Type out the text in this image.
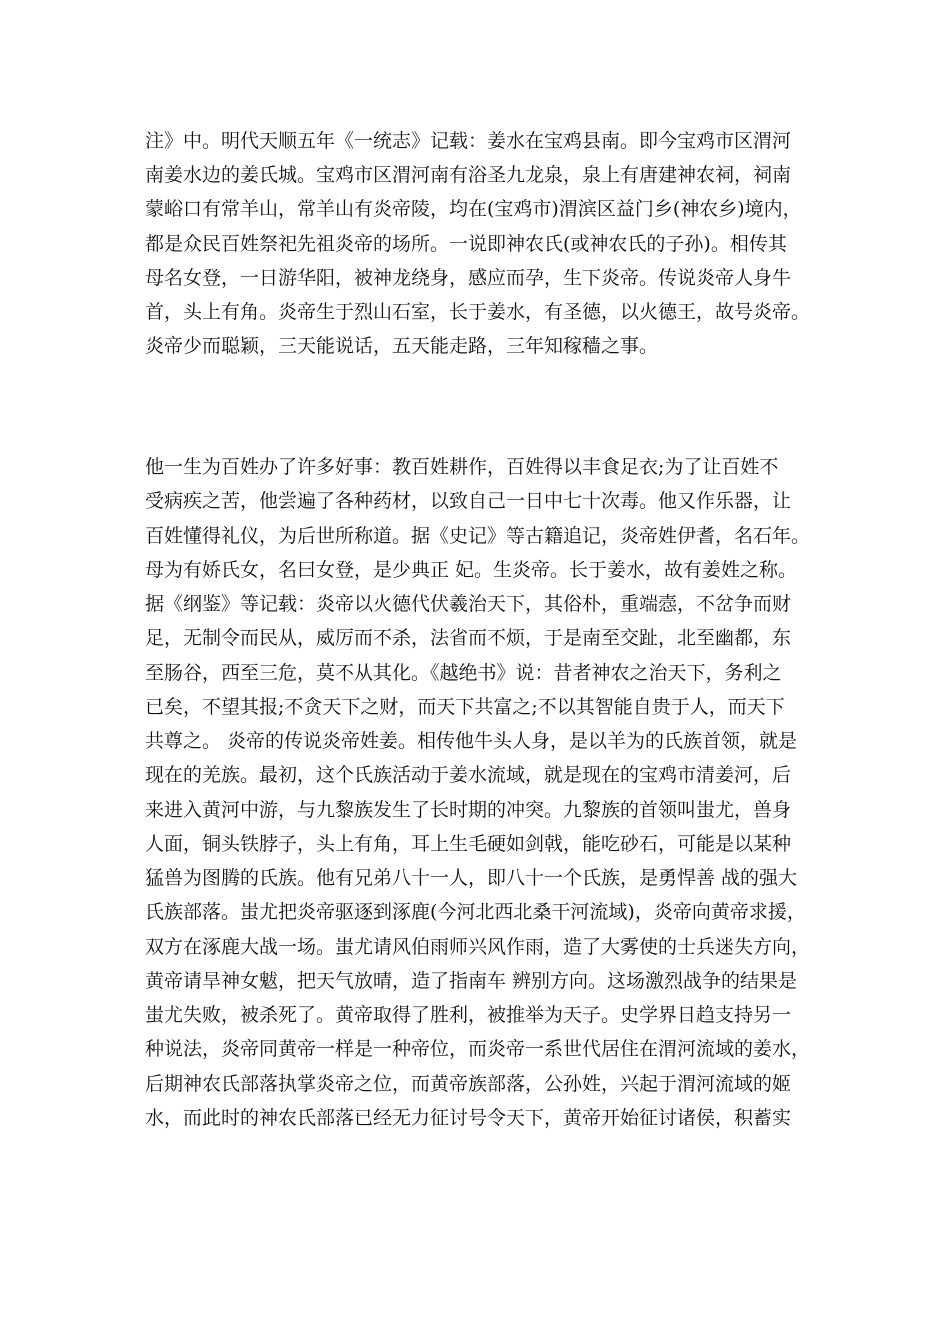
注》中。明代天顺五年《一统志》记载：姜水在宝鸡县南。即今宝鸡市区渭河
南姜水边的姜氏城。宝鸡市区渭河南有浴圣九龙泉，泉上有唐建神农祠，祠南
蒙峪口有常羊山，常羊山有炎帝陵，均在(宝鸡市)渭滨区益门乡(神农乡)境内，
都是众民百姓祭祀先祖炎帝的场所。一说即神农氏(或神农氏的子孙)。相传其
母名女登，一日游华阳，被神龙绕身，感应而孕，生下炎帝。传说炎帝人身牛
首，头上有角。炎帝生于烈山石室，长于姜水，有圣德，以火德王，故号炎帝。
炎帝少而聪颖，三天能说话，五天能走路，三年知稼穑之事。
他一生为百姓办了许多好事：教百姓耕作，百姓得以丰食足衣;为了让百姓不
受病疾之苦，他尝遍了各种药材，以致自己一日中七十次毒。他又作乐器，让
百姓懂得礼仪，为后世所称道。据《史记》等古籍追记，炎帝姓伊耆，名石年。
母为有娇氏女，名曰女登，是少典正 妃。生炎帝。长于姜水，故有姜姓之称。
据《纲鉴》等记载：炎帝以火德代伏羲治天下，其俗朴，重端悫，不岔争而财
足，无制令而民从，威厉而不杀，法省而不烦，于是南至交趾，北至幽都，东
至肠谷，西至三危，莫不从其化。《越绝书》说：昔者神农之治天下，务利之
已矣，不望其报;不贪天下之财，而天下共富之;不以其智能自贵于人，而天下
共尊之。 炎帝的传说炎帝姓姜。相传他牛头人身，是以羊为的氏族首领，就是
现在的羌族。最初，这个氏族活动于姜水流域，就是现在的宝鸡市清姜河，后
来进入黄河中游，与九黎族发生了长时期的冲突。九黎族的首领叫蚩尤，兽身
人面，铜头铁脖子，头上有角，耳上生毛硬如剑戟，能吃砂石，可能是以某种
猛兽为图腾的氏族。他有兄弟八十一人，即八十一个氏族，是勇悍善 战的强大
氏族部落。蚩尤把炎帝驱逐到涿鹿(今河北西北桑干河流域)，炎帝向黄帝求援，
双方在涿鹿大战一场。蚩尤请风伯雨师兴风作雨，造了大雾使的士兵迷失方向，
黄帝请旱神女魃，把天气放晴，造了指南车 辨别方向。这场激烈战争的结果是
蚩尤失败，被杀死了。黄帝取得了胜利，被推举为天子。史学界日趋支持另一
种说法，炎帝同黄帝一样是一种帝位，而炎帝一系世代居住在渭河流域的姜水，
后期神农氏部落执掌炎帝之位，而黄帝族部落，公孙姓，兴起于渭河流域的姬
水，而此时的神农氏部落已经无力征讨号令天下，黄帝开始征讨诸侯，积蓄实
